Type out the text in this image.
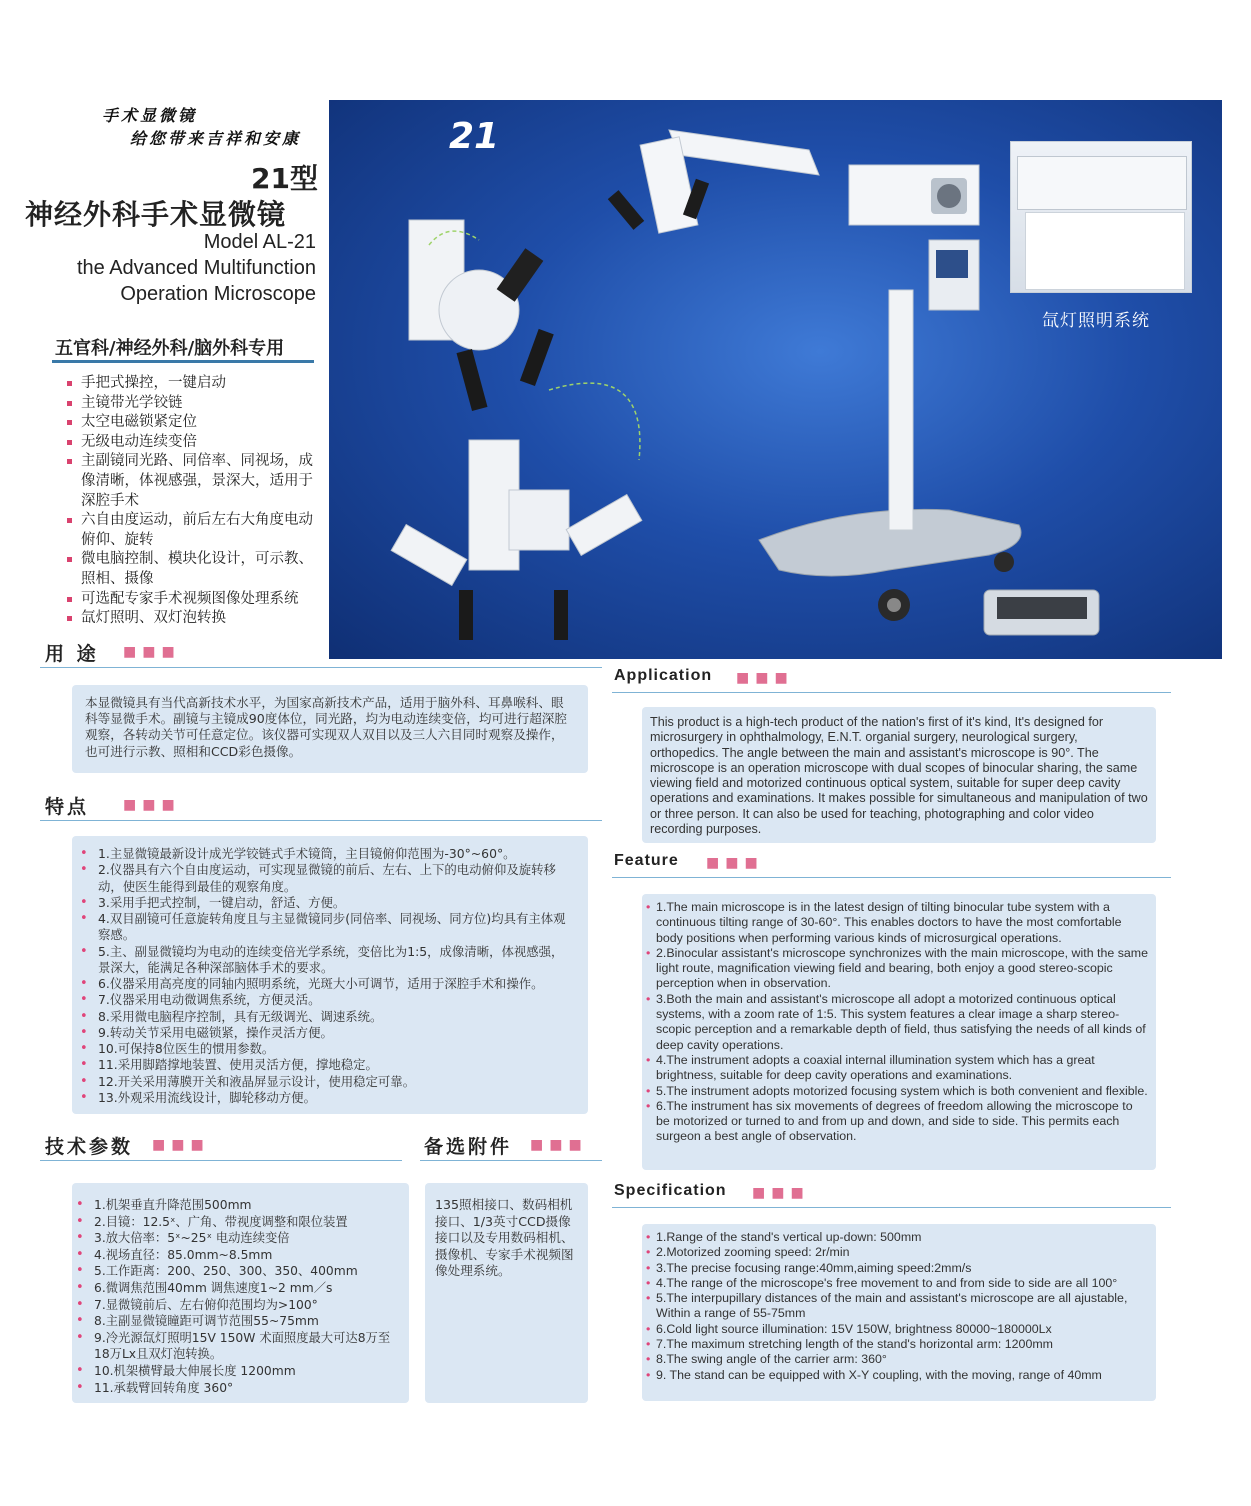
手术显微镜
给您带来吉祥和安康
21型
神经外科手术显微镜
Model AL-21
the Advanced Multifunction
Operation Microscope
五官科/神经外科/脑外科专用
手把式操控，一键启动
主镜带光学铰链
太空电磁锁紧定位
无级电动连续变倍
主副镜同光路、同倍率、同视场，成像清晰，体视感强，景深大，适用于深腔手术
六自由度运动，前后左右大角度电动俯仰、旋转
微电脑控制、模块化设计，可示教、照相、摄像
可选配专家手术视频图像处理系统
氙灯照明、双灯泡转换
21
氙灯照明系统
用 途 ■■■
本显微镜具有当代高新技术水平，为国家高新技术产品，适用于脑外科、耳鼻喉科、眼科等显微手术。副镜与主镜成90度体位，同光路，均为电动连续变倍，均可进行超深腔观察，各转动关节可任意定位。该仪器可实现双人双目以及三人六目同时观察及操作，也可进行示教、照相和CCD彩色摄像。
Application ■■■
This product is a high-tech product of the nation's first of it's kind, It's designed for microsurgery in ophthalmology, E.N.T. organial surgery, neurological surgery, orthopedics. The angle between the main and assistant's microscope is 90°. The microscope is an operation microscope with dual scopes of binocular sharing, the same viewing field and motorized continuous optical system, suitable for super deep cavity operations and examinations. It makes possible for simultaneous and manipulation of two or three person. It can also be used for teaching, photographing and color video recording purposes.
特点 ■■■
• 1.主显微镜最新设计成光学铰链式手术镜筒，主目镜俯仰范围为-30°~60°。
• 2.仪器具有六个自由度运动，可实现显微镜的前后、左右、上下的电动俯仰及旋转移动，使医生能得到最佳的观察角度。
• 3.采用手把式控制，一键启动，舒适、方便。
• 4.双目副镜可任意旋转角度且与主显微镜同步(同倍率、同视场、同方位)均具有主体观察感。
• 5.主、副显微镜均为电动的连续变倍光学系统，变倍比为1:5，成像清晰，体视感强，景深大，能满足各种深部脑体手术的要求。
• 6.仪器采用高亮度的同轴内照明系统，光斑大小可调节，适用于深腔手术和操作。
• 7.仪器采用电动微调焦系统，方便灵活。
• 8.采用微电脑程序控制，具有无级调光、调速系统。
• 9.转动关节采用电磁锁紧，操作灵活方便。
• 10.可保持8位医生的惯用参数。
• 11.采用脚踏撑地装置、使用灵活方便，撑地稳定。
• 12.开关采用薄膜开关和液晶屏显示设计，使用稳定可靠。
• 13.外观采用流线设计，脚轮移动方便。
Feature ■■■
• 1.The main microscope is in the latest design of tilting binocular tube system with a continuous tilting range of 30-60°. This enables doctors to have the most comfortable body positions when performing various kinds of microsurgical operations.
• 2.Binocular assistant's microscope synchronizes with the main microscope, with the same light route, magnification viewing field and bearing, both enjoy a good stereo-scopic perception when in observation.
• 3.Both the main and assistant's microscope all adopt a motorized continuous optical systems, with a zoom rate of 1:5. This system features a clear image a sharp stereo-scopic perception and a remarkable depth of field, thus satisfying the needs of all kinds of deep cavity operations.
• 4.The instrument adopts a coaxial internal illumination system which has a great brightness, suitable for deep cavity operations and examinations.
• 5.The instrument adopts motorized focusing system which is both convenient and flexible.
• 6.The instrument has six movements of degrees of freedom allowing the microscope to be motorized or turned to and from up and down, and side to side. This permits each surgeon a best angle of observation.
技术参数 ■■■
• 1.机架垂直升降范围500mm
• 2.目镜：12.5ˣ、广角、带视度调整和限位装置
• 3.放大倍率：5ˣ~25ˣ 电动连续变倍
• 4.视场直径：85.0mm~8.5mm
• 5.工作距离：200、250、300、350、400mm
• 6.微调焦范围40mm 调焦速度1~2 mm／s
• 7.显微镜前后、左右俯仰范围均为>100°
• 8.主副显微镜瞳距可调节范围55~75mm
• 9.冷光源氙灯照明15V 150W 术面照度最大可达8万至18万Lx且双灯泡转换。
• 10.机架横臂最大伸展长度 1200mm
• 11.承载臂回转角度 360°
备选附件 ■■■
135照相接口、数码相机接口、1/3英寸CCD摄像接口以及专用数码相机、摄像机、专家手术视频图像处理系统。
Specification ■■■
• 1.Range of the stand's vertical up-down: 500mm
• 2.Motorized zooming speed: 2r/min
• 3.The precise focusing range:40mm,aiming speed:2mm/s
• 4.The range of the microscope's free movement to and from side to side are all 100°
• 5.The interpupillary distances of the main and assistant's microscope are all ajustable, Within a range of 55-75mm
• 6.Cold light source illumination: 15V 150W, brightness 80000~180000Lx
• 7.The maximum stretching length of the stand's horizontal arm: 1200mm
• 8.The swing angle of the carrier arm: 360°
• 9. The stand can be equipped with X-Y coupling, with the moving, range of 40mm
